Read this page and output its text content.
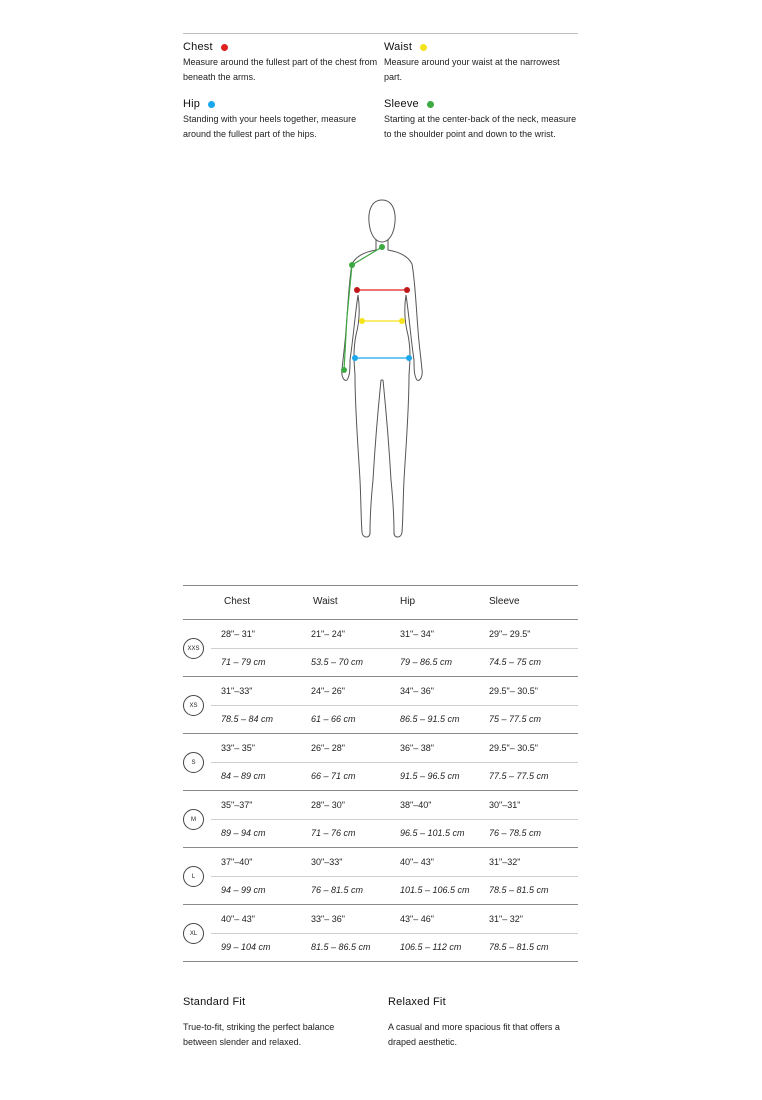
Chest
Measure around the fullest part of the chest from beneath the arms.
Waist
Measure around your waist at the narrowest part.
Hip
Standing with your heels together, measure around the fullest part of the hips.
Sleeve
Starting at the center-back of the neck, measure to the shoulder point and down to the wrist.
Chest	Waist	Hip	Sleeve
XXS
28"– 31"	21"– 24"	31"– 34"	29"– 29.5"
71 – 79 cm	53.5 – 70 cm	79 – 86.5 cm	74.5 – 75 cm
XS
31"–33"	24"– 26"	34"– 36"	29.5"– 30.5"
78.5 – 84 cm	61 – 66 cm	86.5 – 91.5 cm	75 – 77.5 cm
S
33"– 35"	26"– 28"	36"– 38"	29.5"– 30.5"
84 – 89 cm	66 – 71 cm	91.5 – 96.5 cm	77.5 – 77.5 cm
M
35"–37"	28"– 30"	38"–40"	30"–31"
89 – 94 cm	71 – 76 cm	96.5 – 101.5 cm	76 – 78.5 cm
L
37"–40"	30"–33"	40"– 43"	31"–32"
94 – 99 cm	76 – 81.5 cm	101.5 – 106.5 cm 78.5 – 81.5 cm
XL
40"– 43"	33"– 36"	43"– 46"	31"– 32"
99 – 104 cm	81.5 – 86.5 cm	106.5 – 112 cm	78.5 – 81.5 cm
Standard Fit
True-to-fit, striking the perfect balance between slender and relaxed.
Relaxed Fit
A casual and more spacious fit that offers a draped aesthetic.
